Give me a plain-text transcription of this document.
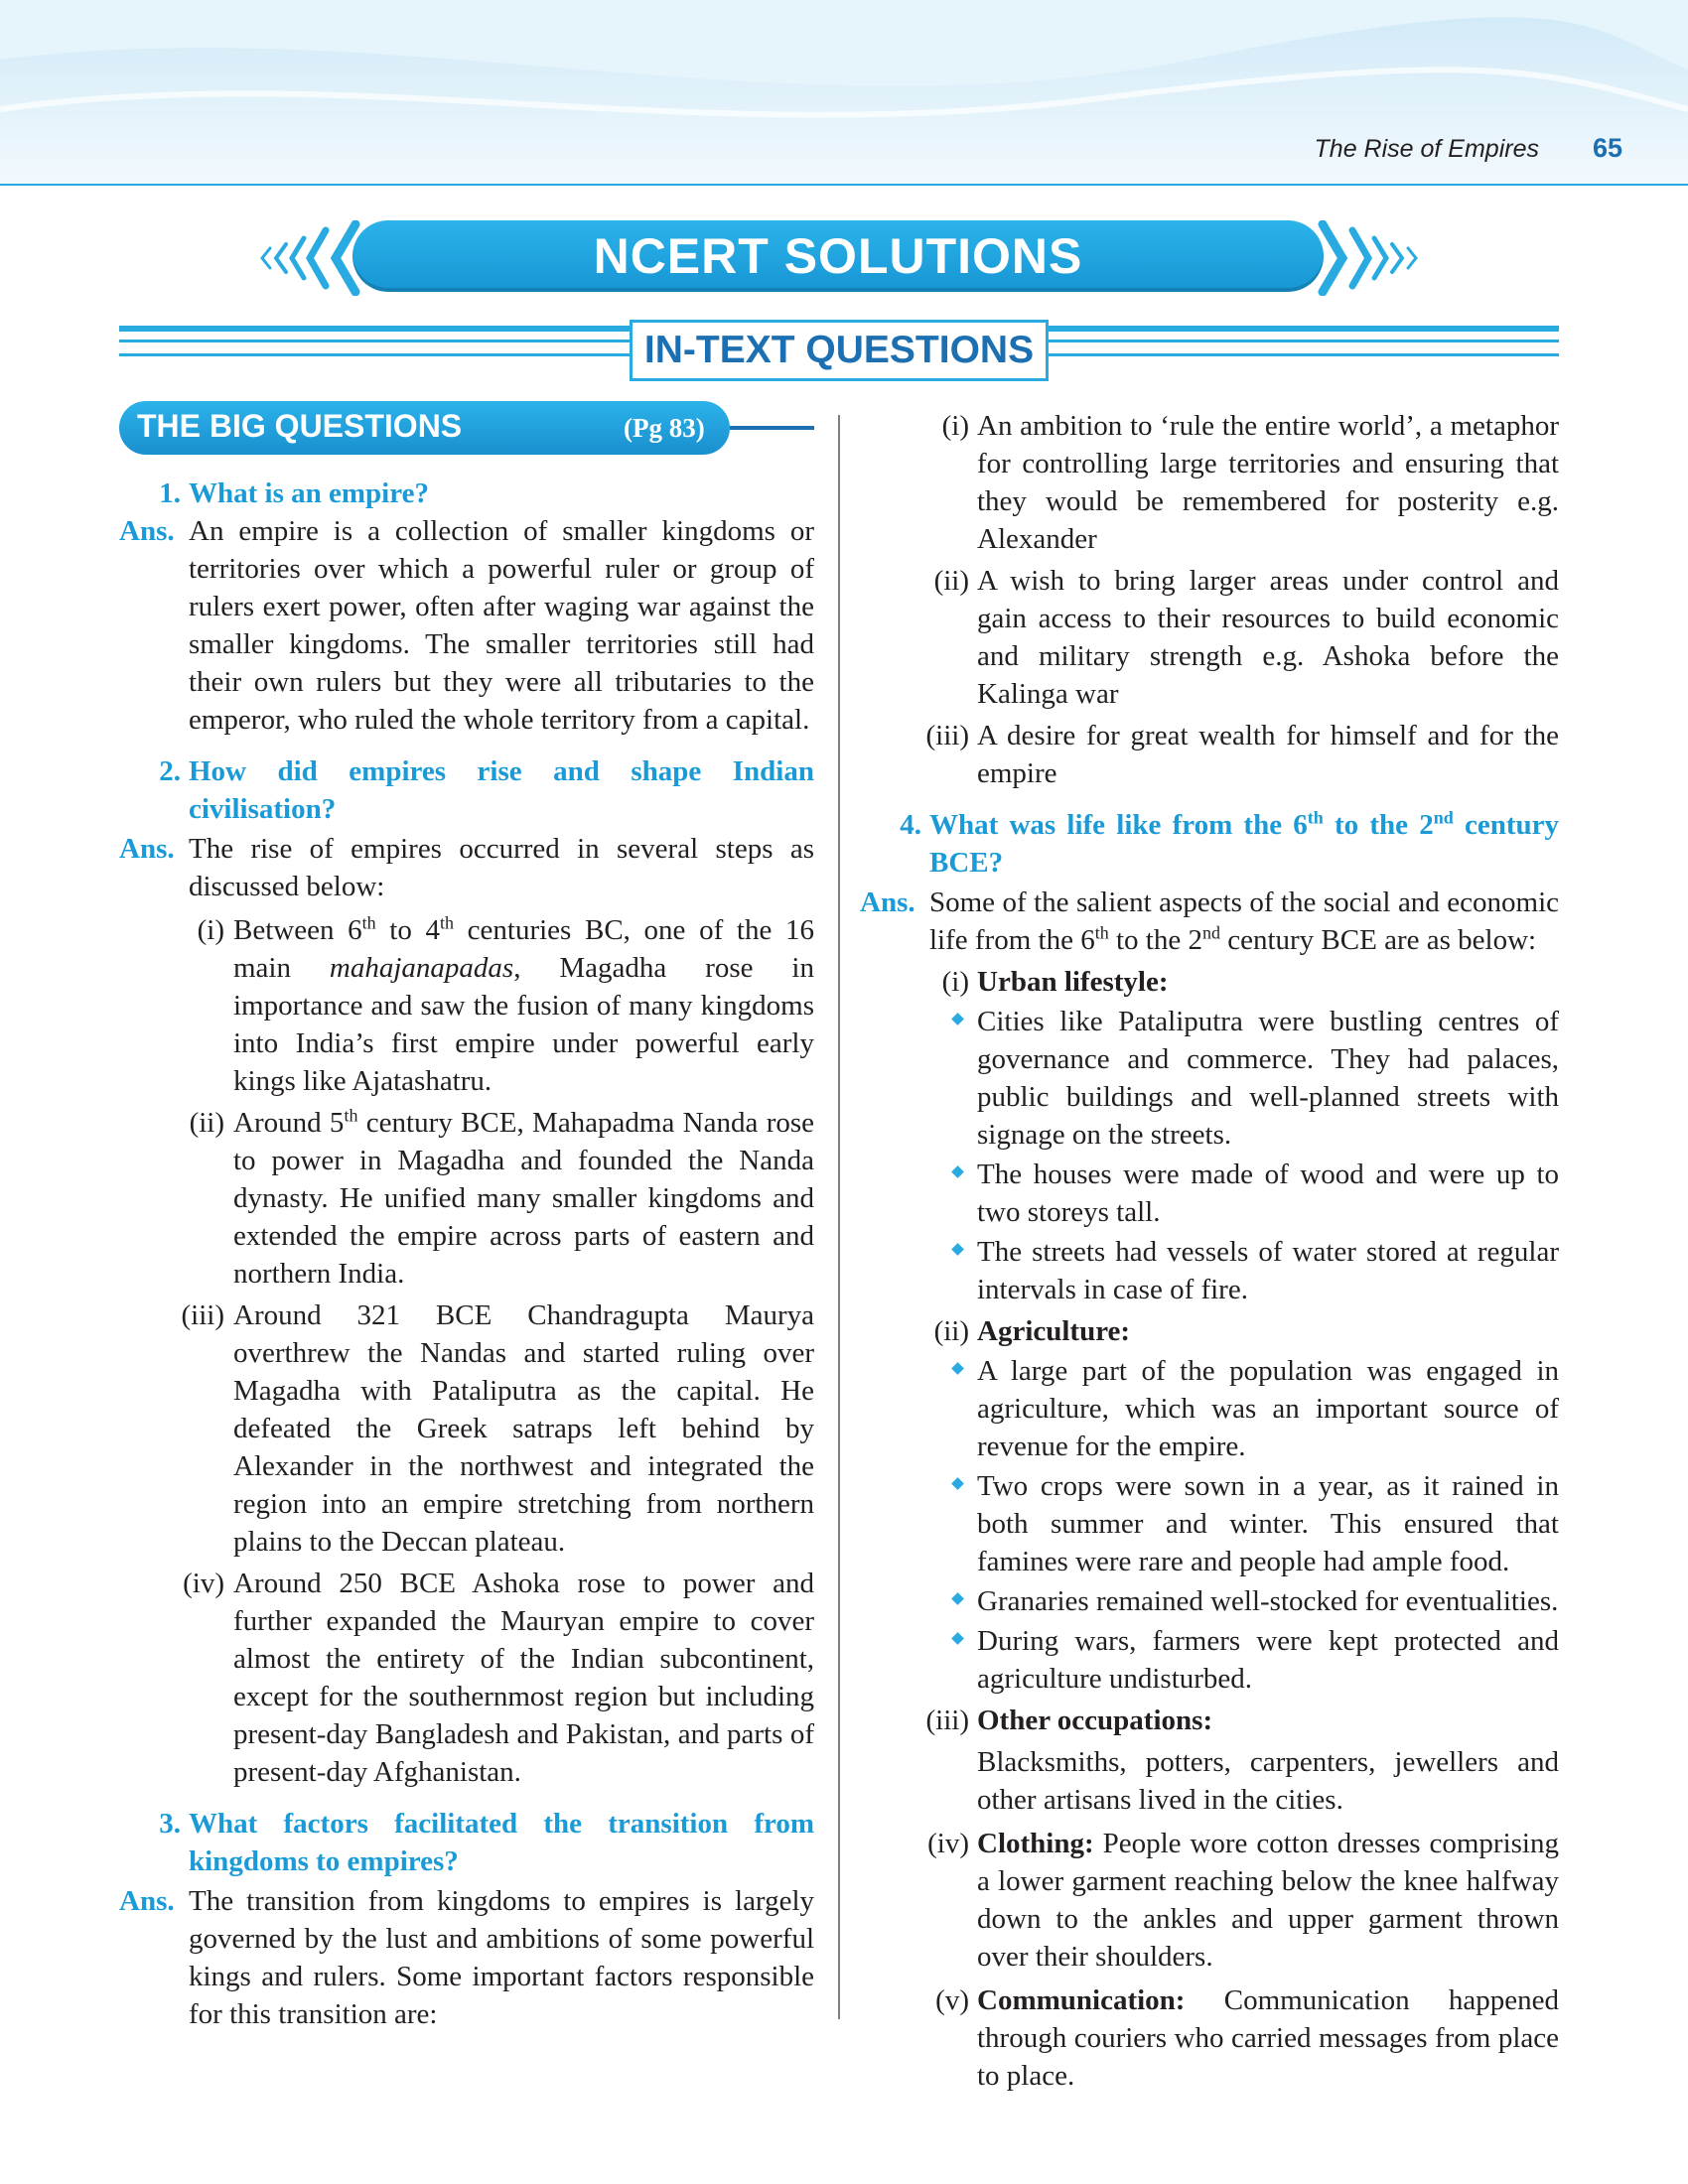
The Rise of Empires 65
NCERT SOLUTIONS
IN-TEXT QUESTIONS
THE BIG QUESTIONS	(Pg 83)
1. What is an empire?
Ans. An empire is a collection of smaller kingdoms or territories over which a powerful ruler or group of rulers exert power, often after waging war against the smaller kingdoms. The smaller territories still had their own rulers but they were all tributaries to the emperor, who ruled the whole territory from a capital.
2. How did empires rise and shape Indian civilisation?
Ans. The rise of empires occurred in several steps as discussed below:
(i) Between 6th to 4th centuries BC, one of the 16 main mahajanapadas, Magadha rose in importance and saw the fusion of many kingdoms into India’s first empire under powerful early kings like Ajatashatru.
(ii) Around 5th century BCE, Mahapadma Nanda rose to power in Magadha and founded the Nanda dynasty. He unified many smaller kingdoms and extended the empire across parts of eastern and northern India.
(iii) Around 321 BCE Chandragupta Maurya overthrew the Nandas and started ruling over Magadha with Pataliputra as the capital. He defeated the Greek satraps left behind by Alexander in the northwest and integrated the region into an empire stretching from northern plains to the Deccan plateau.
(iv) Around 250 BCE Ashoka rose to power and further expanded the Mauryan empire to cover almost the entirety of the Indian subcontinent, except for the southernmost region but including present-day Bangladesh and Pakistan, and parts of present-day Afghanistan.
3. What factors facilitated the transition from kingdoms to empires?
Ans. The transition from kingdoms to empires is largely governed by the lust and ambitions of some powerful kings and rulers. Some important factors responsible for this transition are:
(i) An ambition to ‘rule the entire world’, a metaphor for controlling large territories and ensuring that they would be remembered for posterity e.g. Alexander
(ii) A wish to bring larger areas under control and gain access to their resources to build economic and military strength e.g. Ashoka before the Kalinga war
(iii) A desire for great wealth for himself and for the empire
4. What was life like from the 6th to the 2nd century BCE?
Ans. Some of the salient aspects of the social and economic life from the 6th to the 2nd century BCE are as below:
(i) Urban lifestyle:
Cities like Pataliputra were bustling centres of governance and commerce. They had palaces, public buildings and well-planned streets with signage on the streets.
The houses were made of wood and were up to two storeys tall.
The streets had vessels of water stored at regular intervals in case of fire.
(ii) Agriculture:
A large part of the population was engaged in agriculture, which was an important source of revenue for the empire.
Two crops were sown in a year, as it rained in both summer and winter. This ensured that famines were rare and people had ample food.
Granaries remained well-stocked for eventualities.
During wars, farmers were kept protected and agriculture undisturbed.
(iii) Other occupations:
Blacksmiths, potters, carpenters, jewellers and other artisans lived in the cities.
(iv) Clothing: People wore cotton dresses comprising a lower garment reaching below the knee halfway down to the ankles and upper garment thrown over their shoulders.
(v) Communication: Communication happened through couriers who carried messages from place to place.
